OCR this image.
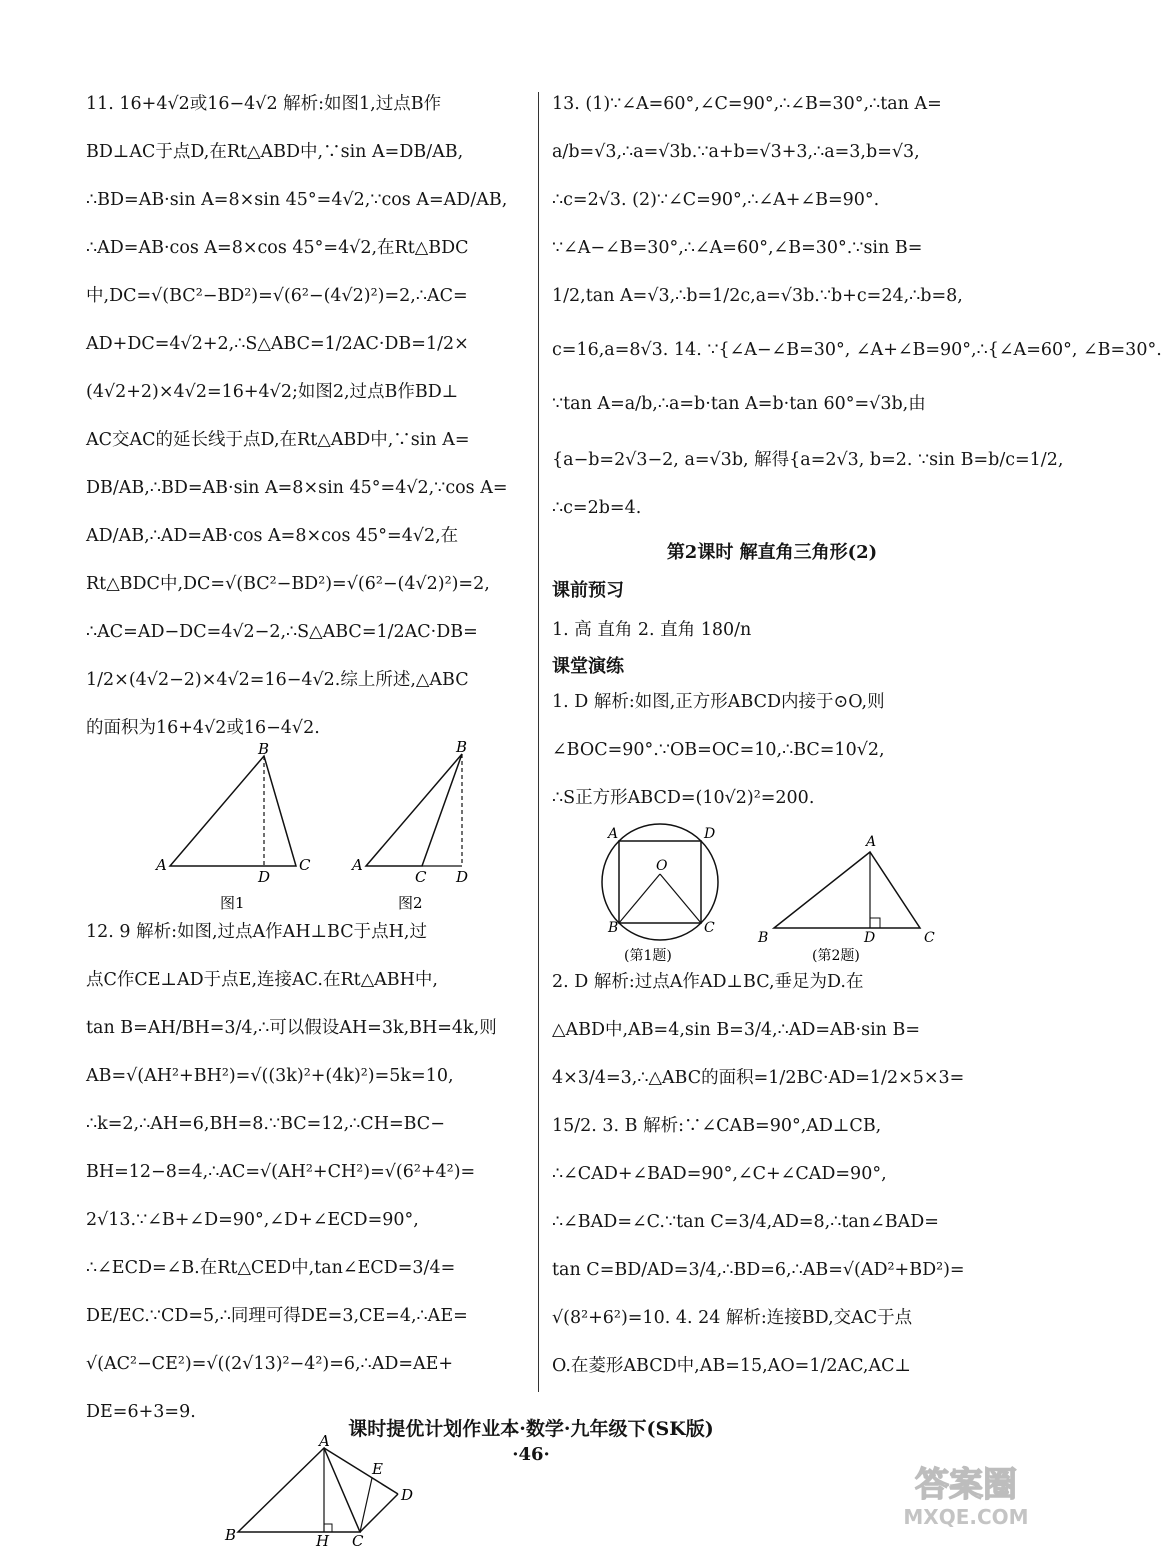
11. 16+4√2或16−4√2 解析:如图1,过点B作
BD⊥AC于点D,在Rt△ABD中,∵sin A=DB/AB,
∴BD=AB·sin A=8×sin 45°=4√2,∵cos A=AD/AB,
∴AD=AB·cos A=8×cos 45°=4√2,在Rt△BDC
中,DC=√(BC²−BD²)=√(6²−(4√2)²)=2,∴AC=
AD+DC=4√2+2,∴S△ABC=1/2AC·DB=1/2×
(4√2+2)×4√2=16+4√2;如图2,过点B作BD⊥
AC交AC的延长线于点D,在Rt△ABD中,∵sin A=
DB/AB,∴BD=AB·sin A=8×sin 45°=4√2,∵cos A=
AD/AB,∴AD=AB·cos A=8×cos 45°=4√2,在
Rt△BDC中,DC=√(BC²−BD²)=√(6²−(4√2)²)=2,
∴AC=AD−DC=4√2−2,∴S△ABC=1/2AC·DB=
1/2×(4√2−2)×4√2=16−4√2.综上所述,△ABC
的面积为16+4√2或16−4√2.
A
B
C
D
图1
A
B
C D
图2
12. 9 解析:如图,过点A作AH⊥BC于点H,过
点C作CE⊥AD于点E,连接AC.在Rt△ABH中,
tan B=AH/BH=3/4,∴可以假设AH=3k,BH=4k,则
AB=√(AH²+BH²)=√((3k)²+(4k)²)=5k=10,
∴k=2,∴AH=6,BH=8.∵BC=12,∴CH=BC−
BH=12−8=4,∴AC=√(AH²+CH²)=√(6²+4²)=
2√13.∵∠B+∠D=90°,∠D+∠ECD=90°,
∴∠ECD=∠B.在Rt△CED中,tan∠ECD=3/4=
DE/EC.∵CD=5,∴同理可得DE=3,CE=4,∴AE=
√(AC²−CE²)=√((2√13)²−4²)=6,∴AD=AE+
DE=6+3=9.
A
B	C
D
E
H
13. (1)∵∠A=60°,∠C=90°,∴∠B=30°,∴tan A=
a/b=√3,∴a=√3b.∵a+b=√3+3,∴a=3,b=√3,
∴c=2√3. (2)∵∠C=90°,∴∠A+∠B=90°.
∵∠A−∠B=30°,∴∠A=60°,∠B=30°.∵sin B=
1/2,tan A=√3,∴b=1/2c,a=√3b.∵b+c=24,∴b=8,
c=16,a=8√3. 14. ∵{∠A−∠B=30°, ∠A+∠B=90°,∴{∠A=60°, ∠B=30°.
∵tan A=a/b,∴a=b·tan A=b·tan 60°=√3b,由
{a−b=2√3−2, a=√3b, 解得{a=2√3, b=2. ∵sin B=b/c=1/2,
∴c=2b=4.
第2课时 解直角三角形(2)
课前预习
1. 高 直角 2. 直角 180/n
课堂演练
1. D 解析:如图,正方形ABCD内接于⊙O,则
∠BOC=90°.∵OB=OC=10,∴BC=10√2,
∴S正方形ABCD=(10√2)²=200.
A	D
B	C
O
(第1题)
A
B	C
D
(第2题)
2. D 解析:过点A作AD⊥BC,垂足为D.在
△ABD中,AB=4,sin B=3/4,∴AD=AB·sin B=
4×3/4=3,∴△ABC的面积=1/2BC·AD=1/2×5×3=
15/2. 3. B 解析:∵∠CAB=90°,AD⊥CB,
∴∠CAD+∠BAD=90°,∠C+∠CAD=90°,
∴∠BAD=∠C.∵tan C=3/4,AD=8,∴tan∠BAD=
tan C=BD/AD=3/4,∴BD=6,∴AB=√(AD²+BD²)=
√(8²+6²)=10. 4. 24 解析:连接BD,交AC于点
O.在菱形ABCD中,AB=15,AO=1/2AC,AC⊥
课时提优计划作业本·数学·九年级下(SK版)
·46·
答案圈
MXQE.COM
